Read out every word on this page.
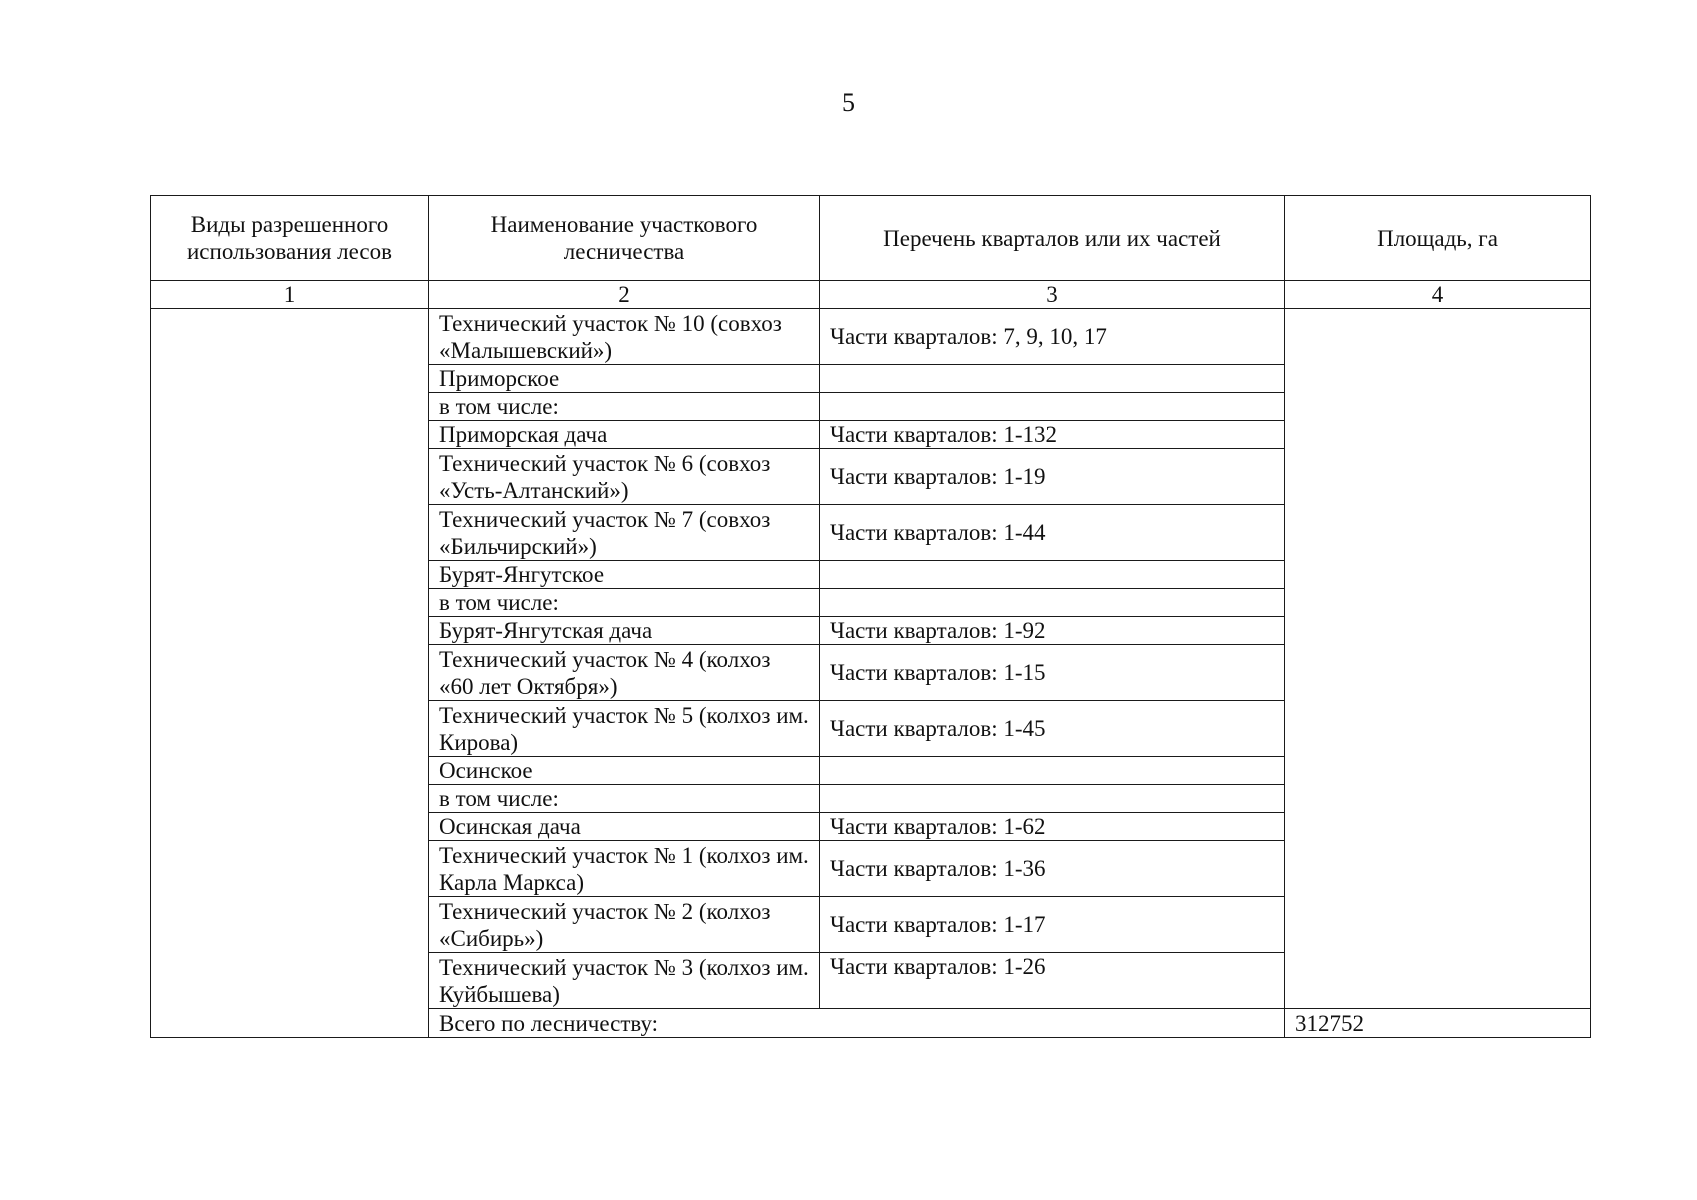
5
Виды разрешенного использования лесов	Наименование участкового лесничества	Перечень кварталов или их частей	Площадь, га
1	2	3	4
	Технический участок № 10 (совхоз «Малышевский»)	Части кварталов: 7, 9, 10, 17	
	Приморское		
	в том числе:		
	Приморская дача	Части кварталов: 1-132	
	Технический участок № 6 (совхоз «Усть-Алтанский»)	Части кварталов: 1-19	
	Технический участок № 7 (совхоз «Бильчирский»)	Части кварталов: 1-44	
	Бурят-Янгутское		
	в том числе:		
	Бурят-Янгутская дача	Части кварталов: 1-92	
	Технический участок № 4 (колхоз «60 лет Октября»)	Части кварталов: 1-15	
	Технический участок № 5 (колхоз им. Кирова)	Части кварталов: 1-45	
	Осинское		
	в том числе:		
	Осинская дача	Части кварталов: 1-62	
	Технический участок № 1 (колхоз им. Карла Маркса)	Части кварталов: 1-36	
	Технический участок № 2 (колхоз «Сибирь»)	Части кварталов: 1-17	
	Технический участок № 3 (колхоз им. Куйбышева)	Части кварталов: 1-26	
	Всего по лесничеству:		312752
